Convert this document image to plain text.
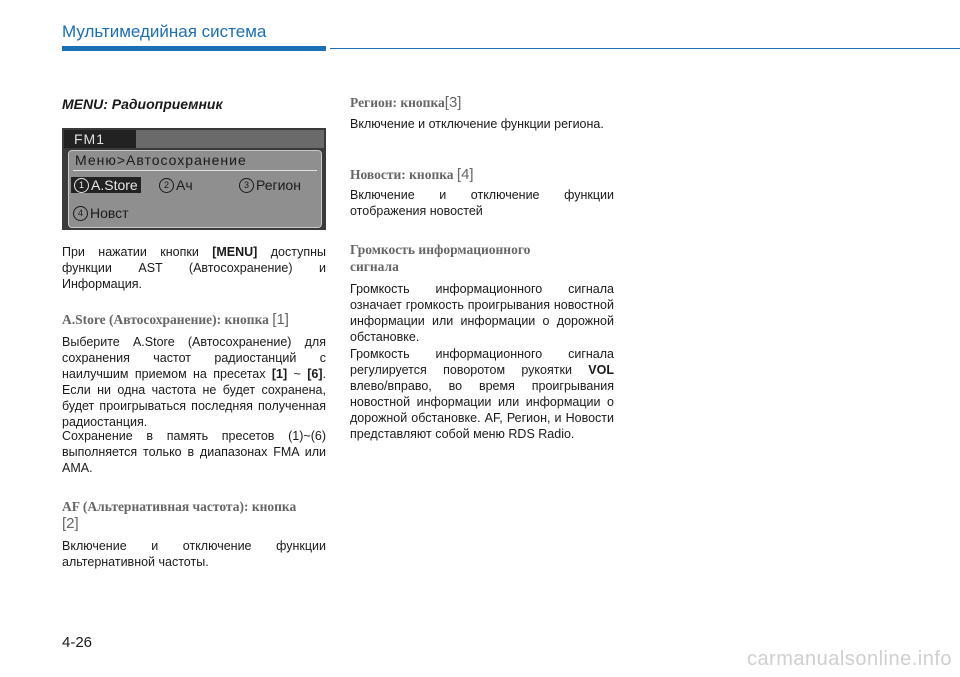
Мультимедийная система
MENU: Радиоприемник
FM1
Меню>Автосохранение
1 A.Store	2 Ач	3 Регион
4 Новст

При нажатии кнопки [MENU] доступны функции AST (Автосохранение) и Информация.

A.Store (Автосохранение): кнопка [1]

Выберите A.Store (Автосохранение) для сохранения частот радиостанций с наилучшим приемом на пресетах [1] ~ [6]. Если ни одна частота не будет сохранена, будет проигрываться последняя полученная радиостанция.

Сохранение в память пресетов (1)~(6) выполняется только в диапазонах FMA или AMA.

AF (Альтернативная частота): кнопка
[2]

Включение и отключение функции альтернативной частоты.

Регион: кнопка[3]

Включение и отключение функции региона.

Новости: кнопка [4]

Включение и отключение функции отображения новостей

Громкость информационного сигнала

Громкость информационного сигнала означает громкость проигрывания новостной информации или информации о дорожной обстановке.

Громкость информационного сигнала регулируется поворотом рукоятки VOL влево/вправо, во время проигрывания новостной информации или информации о дорожной обстановке. AF, Регион, и Новости представляют собой меню RDS Radio.

4-26
carmanualsonline.info
